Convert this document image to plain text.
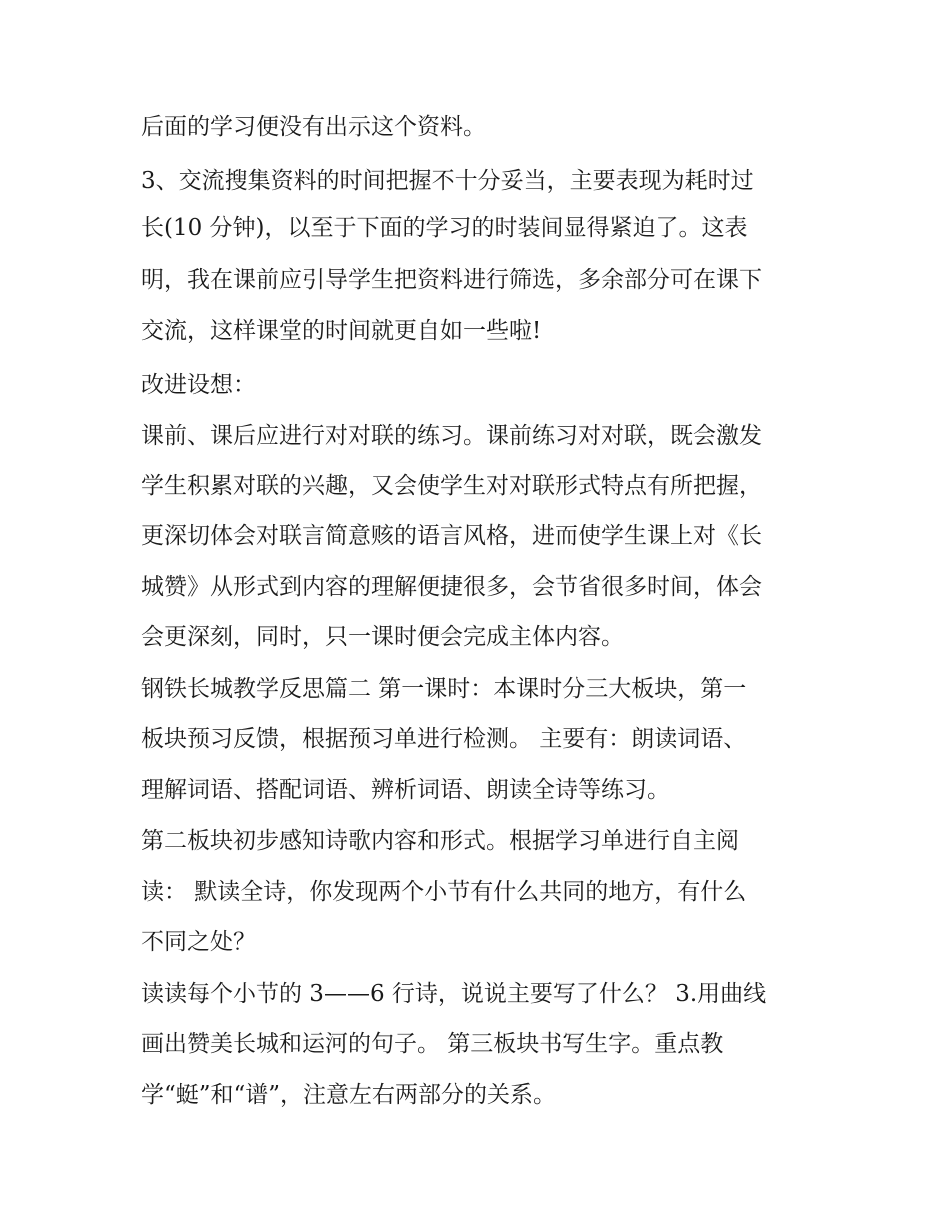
后面的学习便没有出示这个资料。

3、交流搜集资料的时间把握不十分妥当，主要表现为耗时过

长(10 分钟)，以至于下面的学习的时装间显得紧迫了。这表

明，我在课前应引导学生把资料进行筛选，多余部分可在课下

交流，这样课堂的时间就更自如一些啦!

改进设想：

课前、课后应进行对对联的练习。课前练习对对联，既会激发

学生积累对联的兴趣，又会使学生对对联形式特点有所把握，

更深切体会对联言简意赅的语言风格，进而使学生课上对《长

城赞》从形式到内容的理解便捷很多，会节省很多时间，体会

会更深刻，同时，只一课时便会完成主体内容。

钢铁长城教学反思篇二 第一课时：本课时分三大板块，第一

板块预习反馈，根据预习单进行检测。 主要有：朗读词语、

理解词语、搭配词语、辨析词语、朗读全诗等练习。

第二板块初步感知诗歌内容和形式。根据学习单进行自主阅

读： 默读全诗，你发现两个小节有什么共同的地方，有什么

不同之处？

读读每个小节的 3——6 行诗，说说主要写了什么？ 3.用曲线

画出赞美长城和运河的句子。 第三板块书写生字。重点教

学“蜓”和“谱”，注意左右两部分的关系。
